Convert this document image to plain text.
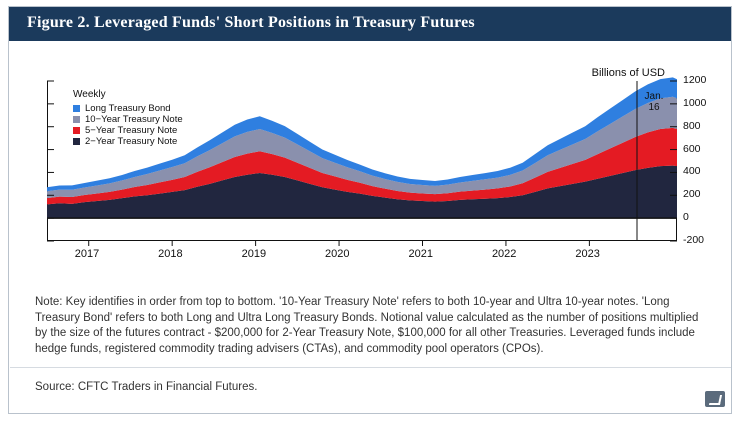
Figure 2. Leveraged Funds' Short Positions in Treasury Futures
Billions of USD
Weekly
Long Treasury Bond
10−Year Treasury Note
5−Year Treasury Note
2−Year Treasury Note
Jan.
16
-200
0
200
400
600
800
1000
1200
2017	2018	2019	2020	2021	2022	2023
Note: Key identifies in order from top to bottom. '10-Year Treasury Note' refers to both 10-year and Ultra 10-year notes. 'Long Treasury Bond' refers to both Long and Ultra Long Treasury Bonds. Notional value calculated as the number of positions multiplied by the size of the futures contract - $200,000 for 2-Year Treasury Note, $100,000 for all other Treasuries. Leveraged funds include hedge funds, registered commodity trading advisers (CTAs), and commodity pool operators (CPOs).
Source: CFTC Traders in Financial Futures.
